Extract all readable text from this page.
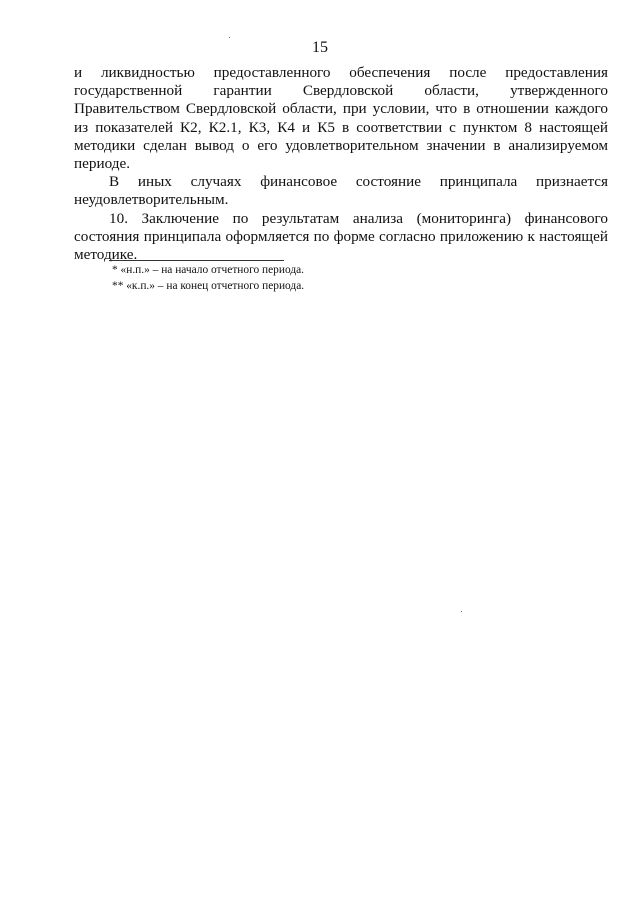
15

и ликвидностью предоставленного обеспечения после предоставления государственной гарантии Свердловской области, утвержденного Правительством Свердловской области, при условии, что в отношении каждого из показателей К2, К2.1, К3, К4 и К5 в соответствии с пунктом 8 настоящей методики сделан вывод о его удовлетворительном значении в анализируемом периоде.

В иных случаях финансовое состояние принципала признается неудовлетворительным.

10. Заключение по результатам анализа (мониторинга) финансового состояния принципала оформляется по форме согласно приложению к настоящей методике.

* «н.п.» – на начало отчетного периода.

** «к.п.» – на конец отчетного периода.
